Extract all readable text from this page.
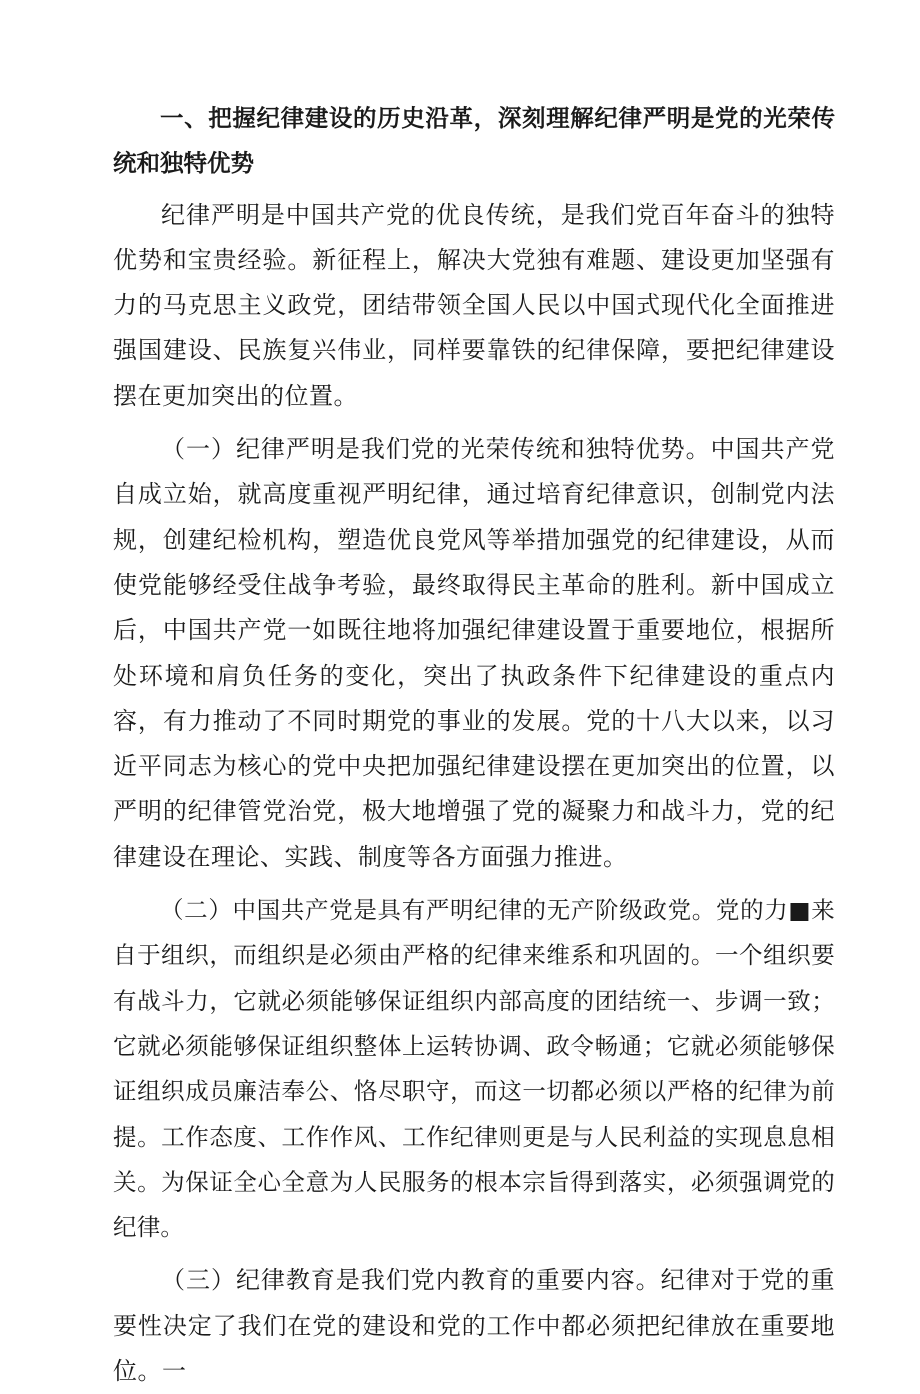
一、把握纪律建设的历史沿革，深刻理解纪律严明是党的光荣传统和独特优势

纪律严明是中国共产党的优良传统，是我们党百年奋斗的独特优势和宝贵经验。新征程上，解决大党独有难题、建设更加坚强有力的马克思主义政党，团结带领全国人民以中国式现代化全面推进强国建设、民族复兴伟业，同样要靠铁的纪律保障，要把纪律建设摆在更加突出的位置。

（一）纪律严明是我们党的光荣传统和独特优势。中国共产党自成立始，就高度重视严明纪律，通过培育纪律意识，创制党内法规，创建纪检机构，塑造优良党风等举措加强党的纪律建设，从而使党能够经受住战争考验，最终取得民主革命的胜利。新中国成立后，中国共产党一如既往地将加强纪律建设置于重要地位，根据所处环境和肩负任务的变化，突出了执政条件下纪律建设的重点内容，有力推动了不同时期党的事业的发展。党的十八大以来，以习近平同志为核心的党中央把加强纪律建设摆在更加突出的位置，以严明的纪律管党治党，极大地增强了党的凝聚力和战斗力，党的纪律建设在理论、实践、制度等各方面强力推进。

（二）中国共产党是具有严明纪律的无产阶级政党。党的力■来自于组织，而组织是必须由严格的纪律来维系和巩固的。一个组织要有战斗力，它就必须能够保证组织内部高度的团结统一、步调一致；它就必须能够保证组织整体上运转协调、政令畅通；它就必须能够保证组织成员廉洁奉公、恪尽职守，而这一切都必须以严格的纪律为前提。工作态度、工作作风、工作纪律则更是与人民利益的实现息息相关。为保证全心全意为人民服务的根本宗旨得到落实，必须强调党的纪律。

（三）纪律教育是我们党内教育的重要内容。纪律对于党的重要性决定了我们在党的建设和党的工作中都必须把纪律放在重要地位。一
